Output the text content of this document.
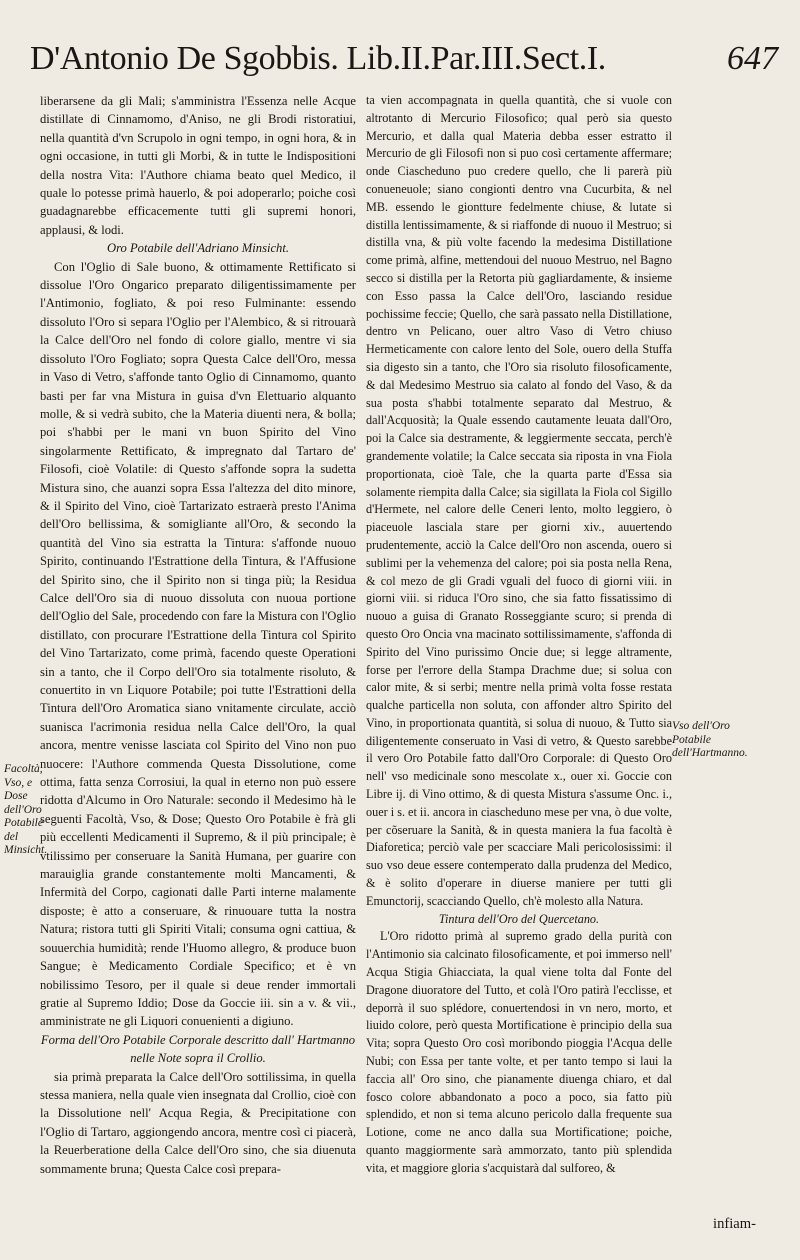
D'Antonio De Sgobbis. Lib.II.Par.III.Sect.I.	647

liberarsene da gli Mali; s'amministra l'Essenza nelle Acque distillate di Cinnamomo, d'Aniso, ne gli Brodi ristoratiui, nella quantità d'vn Scrupolo in ogni tempo, in ogni hora, & in ogni occasione, in tutti gli Morbi, & in tutte le Indispositioni della nostra Vita: l'Authore chiama beato quel Medico, il quale lo potesse primà hauerlo, & poi adoperarlo; poiche così guadagnarebbe efficacemente tutti gli supremi honori, applausi, & lodi.

Oro Potabile dell'Adriano Minsicht.

Con l'Oglio di Sale buono, & ottimamente Rettificato si dissolue l'Oro Ongarico preparato diligentissimamente per l'Antimonio, fogliato, & poi reso Fulminante: essendo dissoluto l'Oro si separa l'Oglio per l'Alembico, & si ritrouarà la Calce dell'Oro nel fondo di colore giallo, mentre vi sia dissoluto l'Oro Fogliato; sopra Questa Calce dell'Oro, messa in Vaso di Vetro, s'affonde tanto Oglio di Cinnamomo, quanto basti per far vna Mistura in guisa d'vn Elettuario alquanto molle, & si vedrà subito, che la Materia diuenti nera, & bolla; poi s'habbi per le mani vn buon Spirito del Vino singolarmente Rettificato, & impregnato dal Tartaro de' Filosofi, cioè Volatile: di Questo s'affonde sopra la sudetta Mistura sino, che auanzi sopra Essa l'altezza del dito minore, & il Spirito del Vino, cioè Tartarizato estraerà presto l'Anima dell'Oro bellissima, & somigliante all'Oro, & secondo la quantità del Vino sia estratta la Tintura: s'affonde nuouo Spirito, continuando l'Estrattione della Tintura, & l'Affusione del Spirito sino, che il Spirito non si tinga più; la Residua Calce dell'Oro sia di nuouo dissoluta con nuoua portione dell'Oglio del Sale, procedendo con fare la Mistura con l'Oglio distillato, con procurare l'Estrattione della Tintura col Spirito del Vino Tartarizato, come primà, facendo queste Operationi sin a tanto, che il Corpo dell'Oro sia totalmente risoluto, & conuertito in vn Liquore Potabile; poi tutte l'Estrattioni della Tintura dell'Oro Aromatica siano vnitamente circulate, acciò suanisca l'acrimonia residua nella Calce dell'Oro, la qual ancora, mentre venisse lasciata col Spirito del Vino non puo nuocere: l'Authore commenda Questa Dissolutione, come ottima, fatta senza Corrosiui, la qual in eterno non può essere ridotta d'Alcumo in Oro Naturale: secondo il Medesimo hà le seguenti Facoltà, Vso, & Dose; Questo Oro Potabile è frà gli più eccellenti Medicamenti il Supremo, & il più principale; è vtilissimo per conseruare la Sanità Humana, per guarire con marauiglia grande constantemente molti Mancamenti, & Infermità del Corpo, cagionati dalle Parti interne malamente disposte; è atto a conseruare, & rinuouare tutta la nostra Natura; ristora tutti gli Spiriti Vitali; consuma ogni cattiua, & souuerchia humidità; rende l'Huomo allegro, & produce buon Sangue; è Medicamento Cordiale Specifico; et è vn nobilissimo Tesoro, per il quale si deue render immortali gratie al Supremo Iddio; Dose da Goccie iii. sin a v. & vii., amministrate ne gli Liquori conuenienti a digiuno.

Forma dell'Oro Potabile Corporale descritto dall' Hartmanno nelle Note sopra il Crollio.

sia primà preparata la Calce dell'Oro sottilissima, in quella stessa maniera, nella quale vien insegnata dal Crollio, cioè con la Dissolutione nell' Acqua Regia, & Precipitatione con l'Oglio di Tartaro, aggiongendo ancora, mentre così ci piacerà, la Reuerberatione della Calce dell'Oro sino, che sia diuenuta sommamente bruna; Questa Calce così prepara-

ta vien accompagnata in quella quantità, che si vuole con altrotanto di Mercurio Filosofico; qual però sia questo Mercurio, et dalla qual Materia debba esser estratto il Mercurio de gli Filosofi non si puo così certamente affermare; onde Ciascheduno puo credere quello, che li parerà più conueneuole; siano congionti dentro vna Cucurbita, & nel MB. essendo le giontture fedelmente chiuse, & lutate si distilla lentissimamente, & si riaffonde di nuouo il Mestruo; si distilla vna, & più volte facendo la medesima Distillatione come primà, alfine, mettendoui del nuouo Mestruo, nel Bagno secco si distilla per la Retorta più gagliardamente, & insieme con Esso passa la Calce dell'Oro, lasciando residue pochissime feccie; Quello, che sarà passato nella Distillatione, dentro vn Pelicano, ouer altro Vaso di Vetro chiuso Hermeticamente con calore lento del Sole, ouero della Stuffa sia digesto sin a tanto, che l'Oro sia risoluto filosoficamente, & dal Medesimo Mestruo sia calato al fondo del Vaso, & da sua posta s'habbi totalmente separato dal Mestruo, & dall'Acquosità; la Quale essendo cautamente leuata dall'Oro, poi la Calce sia destramente, & leggiermente seccata, perch'è grandemente volatile; la Calce seccata sia riposta in vna Fiola proportionata, cioè Tale, che la quarta parte d'Essa sia solamente riempita dalla Calce; sia sigillata la Fiola col Sigillo d'Hermete, nel calore delle Ceneri lento, molto leggiero, ò piaceuole lasciala stare per giorni xiv., auuertendo prudentemente, acciò la Calce dell'Oro non ascenda, ouero si sublimi per la vehemenza del calore; poi sia posta nella Rena, & col mezo de gli Gradi vguali del fuoco di giorni viii. in giorni viii. si riduca l'Oro sino, che sia fatto fissatissimo di nuouo a guisa di Granato Rosseggiante scuro; si prenda di questo Oro Oncia vna macinato sottilissimamente, s'affonda di Spirito del Vino purissimo Oncie due; si legge altramente, forse per l'errore della Stampa Drachme due; si solua con calor mite, & si serbi; mentre nella primà volta fosse restata qualche particella non soluta, con affonder altro Spirito del Vino, in proportionata quantità, si solua di nuouo, & Tutto sia diligentemente conseruato in Vasi di vetro, & Questo sarebbe il vero Oro Potabile fatto dall'Oro Corporale: di Questo Oro nell' vso medicinale sono mescolate x., ouer xi. Goccie con Libre ij. di Vino ottimo, & di questa Mistura s'assume Onc. i., ouer i s. et ii. ancora in ciascheduno mese per vna, ò due volte, per cõseruare la Sanità, & in questa maniera la fua facoltà è Diaforetica; perciò vale per scacciare Mali pericolosissimi: il suo vso deue essere contemperato dalla prudenza del Medico, & è solito d'operare in diuerse maniere per tutti gli Emunctorij, scacciando Quello, ch'è molesto alla Natura.

Tintura dell'Oro del Quercetano.

L'Oro ridotto primà al supremo grado della purità con l'Antimonio sia calcinato filosoficamente, et poi immerso nell' Acqua Stigia Ghiacciata, la qual viene tolta dal Fonte del Dragone diuoratore del Tutto, et colà l'Oro patirà l'ecclisse, et deporrà il suo splédore, conuertendosi in vn nero, morto, et liuido colore, però questa Mortificatione è principio della sua Vita; sopra Questo Oro così moribondo pioggia l'Acqua delle Nubi; con Essa per tante volte, et per tanto tempo si laui la faccia all' Oro sino, che pianamente diuenga chiaro, et dal fosco colore abbandonato a poco a poco, sia fatto più splendido, et non si tema alcuno pericolo dalla frequente sua Lotione, come ne anco dalla sua Mortificatione; poiche, quanto maggiormente sarà ammorzato, tanto più splendida vita, et maggiore gloria s'acquistarà dal sulforeo, &

Facoltà, Vso, e Dose dell'Oro Potabile del Minsicht.
Vso dell'Oro Potabile dell'Hartmanno.
infiam-
